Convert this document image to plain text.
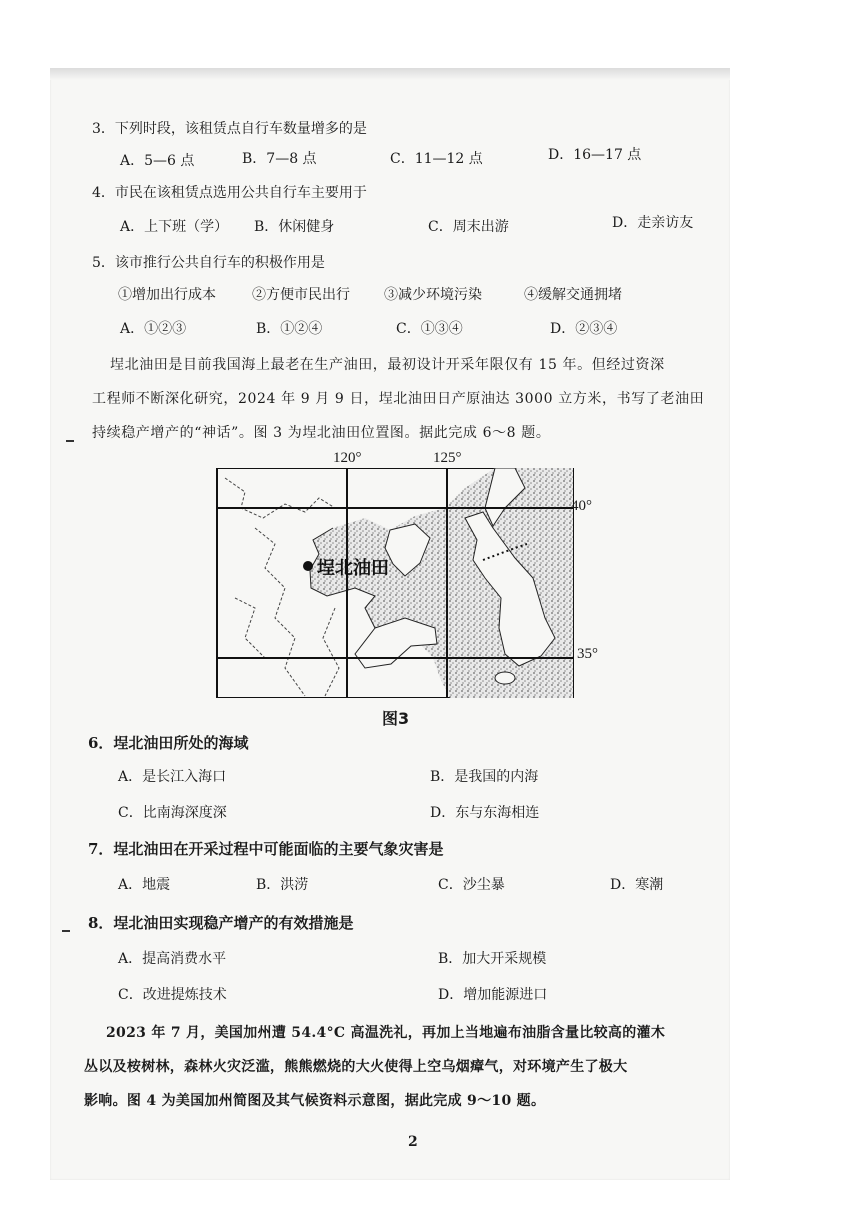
3．下列时段，该租赁点自行车数量增多的是
A．5—6 点	B．7—8 点	C．11—12 点	D．16—17 点
4．市民在该租赁点选用公共自行车主要用于
A．上下班（学） B．休闲健身	C．周末出游	D．走亲访友
5．该市推行公共自行车的积极作用是
①增加出行成本	②方便市民出行 ③减少环境污染	④缓解交通拥堵
A．①②③	B．①②④	C．①③④	D．②③④
埕北油田是目前我国海上最老在生产油田，最初设计开采年限仅有 15 年。但经过资深
工程师不断深化研究，2024 年 9 月 9 日，埕北油田日产原油达 3000 立方米，书写了老油田
持续稳产增产的“神话”。图 3 为埕北油田位置图。据此完成 6～8 题。
120°	125°
40°
35°
埕北油田
图3
6．埕北油田所处的海域
A．是长江入海口	B．是我国的内海
C．比南海深度深	D．东与东海相连
7．埕北油田在开采过程中可能面临的主要气象灾害是
A．地震	B．洪涝	C．沙尘暴	D．寒潮
8．埕北油田实现稳产增产的有效措施是
A．提高消费水平	B．加大开采规模
C．改进提炼技术	D．增加能源进口
2023 年 7 月，美国加州遭 54.4°C 高温洗礼，再加上当地遍布油脂含量比较高的灌木
丛以及桉树林，森林火灾泛滥，熊熊燃烧的大火使得上空乌烟瘴气，对环境产生了极大
影响。图 4 为美国加州简图及其气候资料示意图，据此完成 9～10 题。
2
